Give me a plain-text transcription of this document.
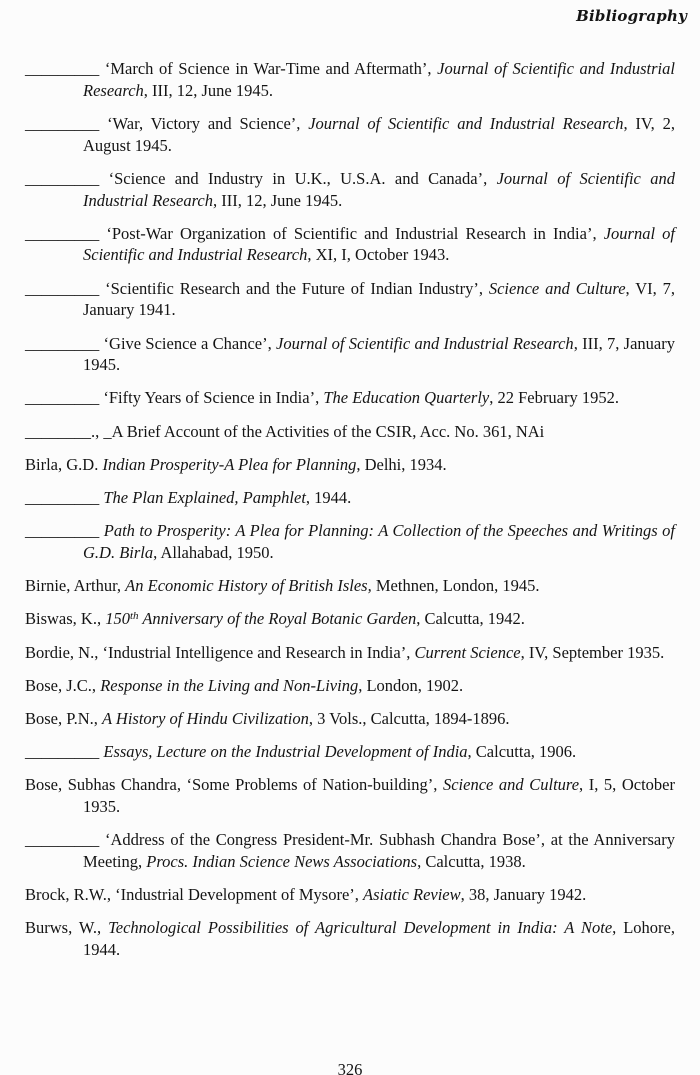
Bibliography

_________ ‘March of Science in War-Time and Aftermath’, Journal of Scientific and Industrial Research, III, 12, June 1945.

_________ ‘War, Victory and Science’, Journal of Scientific and Industrial Research, IV, 2, August 1945.

_________ ‘Science and Industry in U.K., U.S.A. and Canada’, Journal of Scientific and Industrial Research, III, 12, June 1945.

_________ ‘Post-War Organization of Scientific and Industrial Research in India’, Journal of Scientific and Industrial Research, XI, I, October 1943.

_________ ‘Scientific Research and the Future of Indian Industry’, Science and Culture, VI, 7, January 1941.

_________ ‘Give Science a Chance’, Journal of Scientific and Industrial Research, III, 7, January 1945.

_________ ‘Fifty Years of Science in India’, The Education Quarterly, 22 February 1952.

________., _A Brief Account of the Activities of the CSIR, Acc. No. 361, NAi

Birla, G.D. Indian Prosperity-A Plea for Planning, Delhi, 1934.

_________ The Plan Explained, Pamphlet, 1944.

_________ Path to Prosperity: A Plea for Planning: A Collection of the Speeches and Writings of G.D. Birla, Allahabad, 1950.

Birnie, Arthur, An Economic History of British Isles, Methnen, London, 1945.

Biswas, K., 150th Anniversary of the Royal Botanic Garden, Calcutta, 1942.

Bordie, N., ‘Industrial Intelligence and Research in India’, Current Science, IV, September 1935.

Bose, J.C., Response in the Living and Non-Living, London, 1902.

Bose, P.N., A History of Hindu Civilization, 3 Vols., Calcutta, 1894-1896.

_________ Essays, Lecture on the Industrial Development of India, Calcutta, 1906.

Bose, Subhas Chandra, ‘Some Problems of Nation-building’, Science and Culture, I, 5, October 1935.

_________ ‘Address of the Congress President-Mr. Subhash Chandra Bose’, at the Anniversary Meeting, Procs. Indian Science News Associations, Calcutta, 1938.

Brock, R.W., ‘Industrial Development of Mysore’, Asiatic Review, 38, January 1942.

Burws, W., Technological Possibilities of Agricultural Development in India: A Note, Lohore, 1944.

326
